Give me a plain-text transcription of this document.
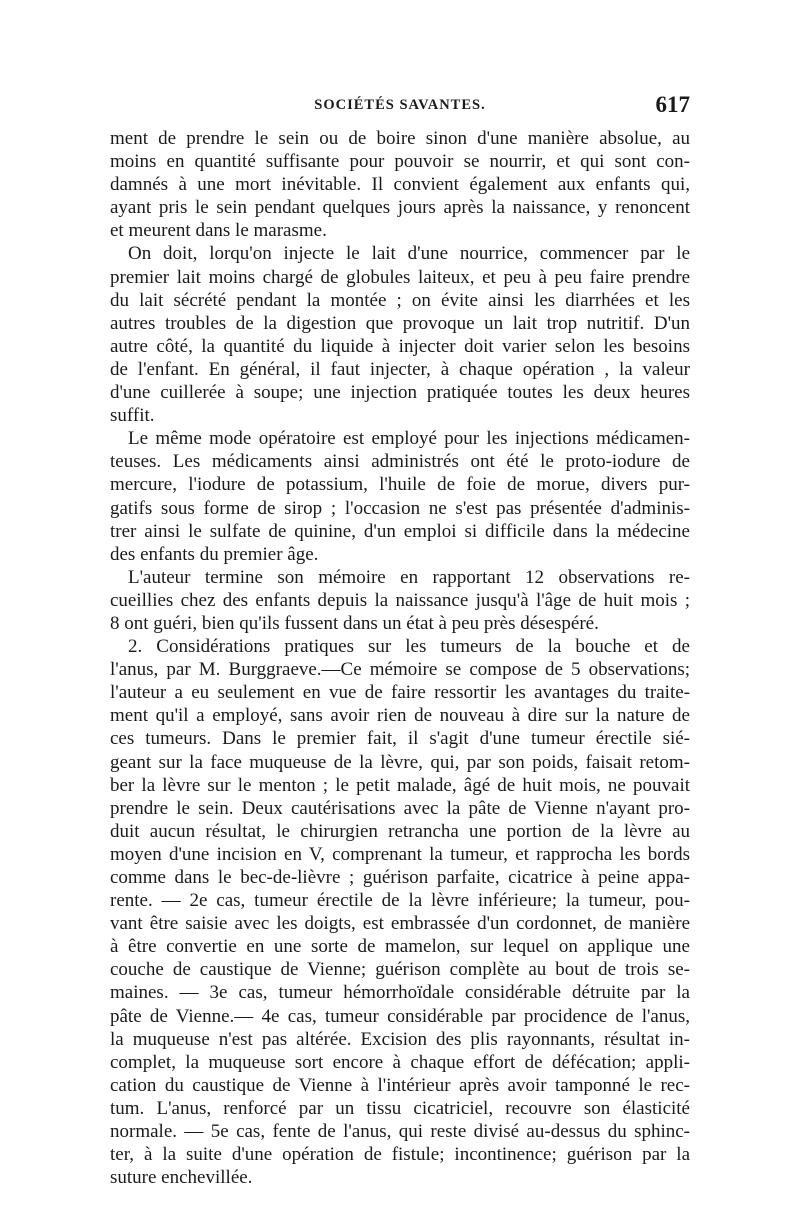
SOCIÉTÉS SAVANTES.	617
ment de prendre le sein ou de boire sinon d'une manière absolue, au
moins en quantité suffisante pour pouvoir se nourrir, et qui sont con-
damnés à une mort inévitable. Il convient également aux enfants qui,
ayant pris le sein pendant quelques jours après la naissance, y renoncent
et meurent dans le marasme.
On doit, lorqu'on injecte le lait d'une nourrice, commencer par le
premier lait moins chargé de globules laiteux, et peu à peu faire prendre
du lait sécrété pendant la montée ; on évite ainsi les diarrhées et les
autres troubles de la digestion que provoque un lait trop nutritif. D'un
autre côté, la quantité du liquide à injecter doit varier selon les besoins
de l'enfant. En général, il faut injecter, à chaque opération , la valeur
d'une cuillerée à soupe; une injection pratiquée toutes les deux heures
suffit.
Le même mode opératoire est employé pour les injections médicamen-
teuses. Les médicaments ainsi administrés ont été le proto-iodure de
mercure, l'iodure de potassium, l'huile de foie de morue, divers pur-
gatifs sous forme de sirop ; l'occasion ne s'est pas présentée d'adminis-
trer ainsi le sulfate de quinine, d'un emploi si difficile dans la médecine
des enfants du premier âge.
L'auteur termine son mémoire en rapportant 12 observations re-
cueillies chez des enfants depuis la naissance jusqu'à l'âge de huit mois ;
8 ont guéri, bien qu'ils fussent dans un état à peu près désespéré.
2. Considérations pratiques sur les tumeurs de la bouche et de
l'anus, par M. Burggraeve.—Ce mémoire se compose de 5 observations;
l'auteur a eu seulement en vue de faire ressortir les avantages du traite-
ment qu'il a employé, sans avoir rien de nouveau à dire sur la nature de
ces tumeurs. Dans le premier fait, il s'agit d'une tumeur érectile sié-
geant sur la face muqueuse de la lèvre, qui, par son poids, faisait retom-
ber la lèvre sur le menton ; le petit malade, âgé de huit mois, ne pouvait
prendre le sein. Deux cautérisations avec la pâte de Vienne n'ayant pro-
duit aucun résultat, le chirurgien retrancha une portion de la lèvre au
moyen d'une incision en V, comprenant la tumeur, et rapprocha les bords
comme dans le bec-de-lièvre ; guérison parfaite, cicatrice à peine appa-
rente. — 2e cas, tumeur érectile de la lèvre inférieure; la tumeur, pou-
vant être saisie avec les doigts, est embrassée d'un cordonnet, de manière
à être convertie en une sorte de mamelon, sur lequel on applique une
couche de caustique de Vienne; guérison complète au bout de trois se-
maines. — 3e cas, tumeur hémorrhoïdale considérable détruite par la
pâte de Vienne.— 4e cas, tumeur considérable par procidence de l'anus,
la muqueuse n'est pas altérée. Excision des plis rayonnants, résultat in-
complet, la muqueuse sort encore à chaque effort de défécation; appli-
cation du caustique de Vienne à l'intérieur après avoir tamponné le rec-
tum. L'anus, renforcé par un tissu cicatriciel, recouvre son élasticité
normale. — 5e cas, fente de l'anus, qui reste divisé au-dessus du sphinc-
ter, à la suite d'une opération de fistule; incontinence; guérison par la
suture enchevillée.
